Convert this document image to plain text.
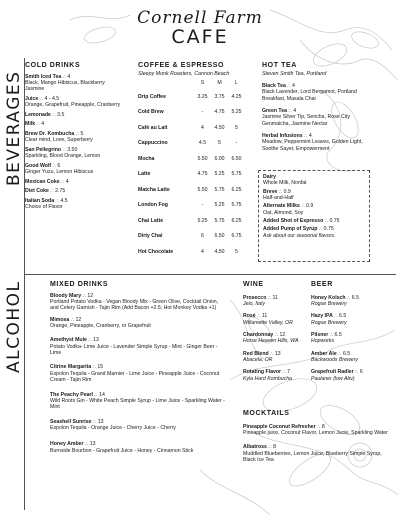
Cornell Farm
CAFE
BEVERAGES
ALCOHOL
COLD DRINKS
Smith Iced Tea ∴ 4
Black, Mango Hibiscus, Blackberry Jasmine
Juice ∴ 4 - 4.5
Orange, Grapefruit, Pineapple, Cranberry
Lemonade ∴ 3.5
Milk ∴ 4
Brew Dr. Kombucha ∴ 5
Clear mind, Love, Superberry
San Pellegrino ∴ 3.50
Sparkling, Blood Orange, Lemon
Good Wolf ∴ 6
Ginger Yuzu, Lemon Hibiscus
Mexican Coke ∴ 4
Diet Coke ∴ 2.75
Italian Soda ∴ 4.5
Choice of Flavor
COFFEE & ESPRESSO
Sleepy Monk Roasters, Cannon Beach
S	M	L
Drip Coffee	3.25	3.75	4.25
Cold Brew	-	4.75	5.25
Café au Lait	4	4.50	5
Cappuccino	4.5	5	-
Mocha	5.50	6.00	6.50
Latte	4.75	5.25	5.75
Matcha Latte	5.50	5.75	6.25
London Fog	-	5.25	5.75
Chai Latte	5.25	5.75	6.25
Dirty Chai	6	6.50	6.75
Hot Chocolate	4	4.50	5
HOT TEA
Steven Smith Tea, Portland
Black Tea ∴ 4
Black Lavender, Lord Bergamot, Portland Breakfast, Masala Chai
Green Tea ∴ 4
Jasmine Silver Tip, Sencha, Rose City Genmaicha, Jasmine Nectar
Herbal Infusions ∴ 4
Meadow, Peppermint Leaves, Golden Light, Soothe Sayer, Empowerment
Dairy
Whole Milk, Nonfat
Breve ∴ 0.9
Half-and-Half
Alternate Milks ∴ 0.9
Oat, Almond, Soy
Added Shot of Espresso ∴ 0.75
Added Pump of Syrup ∴ 0.75
Ask about our seasonal flavors.
MIXED DRINKS
Bloody Mary ∴ 12
Portland Potato Vodka - Vegan Bloody Mix - Green Olive, Cocktail Onion, and Celery Garnish - Tajin Rim (Add Bacon +2.5; Hot Monkey Vodka +1)
Mimosa ∴ 12
Orange, Pineapple, Cranberry, or Grapefruit
Amethyst Mule ∴ 13
Potato Vodka- Lime Juice - Lavender Simple Syrup - Mint - Ginger Beer - Lime
Citrine Margarita ∴ 15
Espolon Tequila - Grand Marnier - Lime Juice - Pineapple Juice - Coconut Cream - Tajin Rim
The Peachy Pearl ∴ 14
Wild Roots Gin - White Peach Simple Syrup - Lime Juice - Sparkling Water - Mint
Seashell Sunrise ∴ 13
Espolon Tequila - Orange Juice - Cherry Juice - Cherry
Honey Amber ∴ 13
Burnside Bourbon - Grapefruit Juice - Honey - Cinnamon Stick
WINE
Prosecco ∴ 11
Jeio, Italy
Rosé ∴ 11
Willamette Valley, OR
Chardonnay ∴ 12
Horse Heaven Hills, WA
Red Blend ∴ 13
Abacela, OR
Rotating Flavor ∴ 7
Kyla Hard Kombucha
BEER
Honey Kolsch ∴ 6.5
Rogue Brewery
Hazy IPA ∴ 6.5
Rogue Brewery
Pilsner ∴ 6.5
Hopworks
Amber Ale ∴ 6.5
Backwoods Brewery
Grapefruit Radler ∴ 6
Paulaner (low Abv)
MOCKTAILS
Pineapple Coconut Refresher ∴ 8
Pineapple juice, Coconut Flavor, Lemon Jucie, Sparkling Water
Albatross ∴ 8
Muddled Blueberries, Lemon Juice, Blueberry Simple Syrup, Black Ice Tea
